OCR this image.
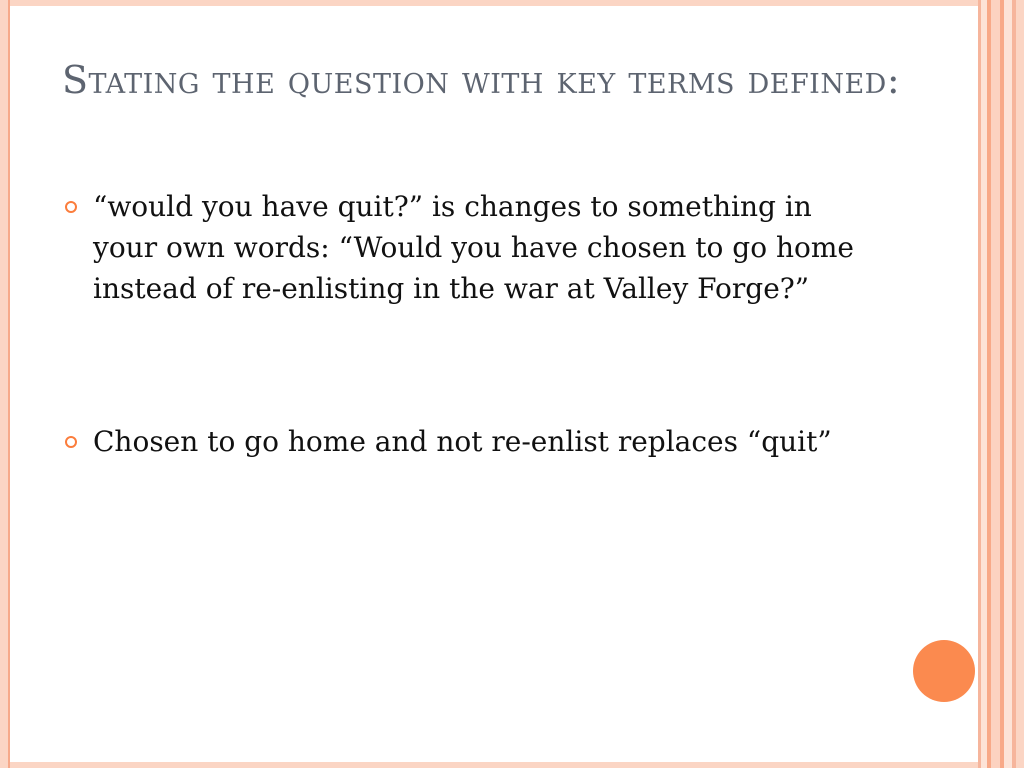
Stating the question with key terms defined:
“would you have quit?” is changes to something in your own words: “Would you have chosen to go home instead of re-enlisting in the war at Valley Forge?”
Chosen to go home and not re-enlist replaces “quit”
